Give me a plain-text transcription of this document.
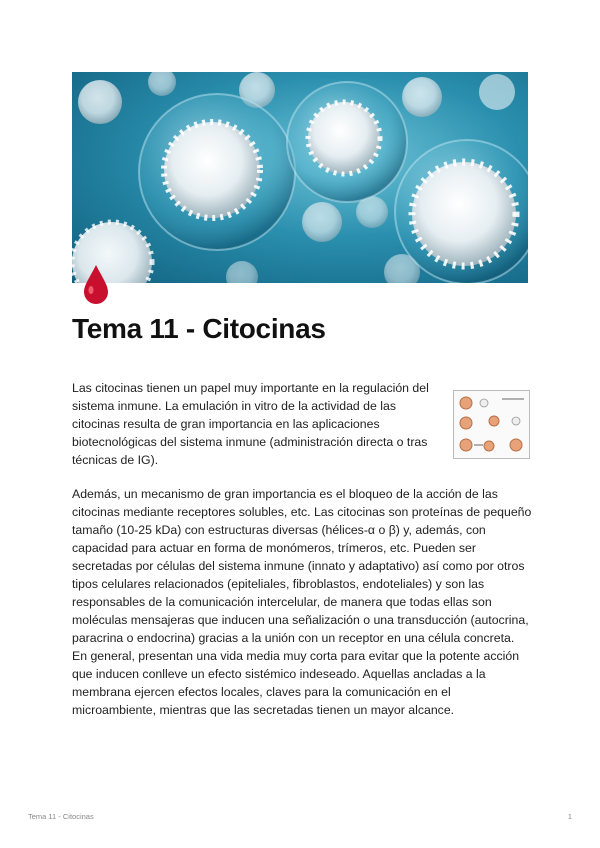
Tema 11 - Citocinas

Las citocinas tienen un papel muy importante en la regulación del sistema inmune. La emulación in vitro de la actividad de las citocinas resulta de gran importancia en las aplicaciones biotecnológicas del sistema inmune (administración directa o tras técnicas de IG).

Además, un mecanismo de gran importancia es el bloqueo de la acción de las citocinas mediante receptores solubles, etc. Las citocinas son proteínas de pequeño tamaño (10-25 kDa) con estructuras diversas (hélices-α o β) y, además, con capacidad para actuar en forma de monómeros, trímeros, etc. Pueden ser secretadas por células del sistema inmune (innato y adaptativo) así como por otros tipos celulares relacionados (epiteliales, fibroblastos, endoteliales) y son las responsables de la comunicación intercelular, de manera que todas ellas son moléculas mensajeras que inducen una señalización o una transducción (autocrina, paracrina o endocrina) gracias a la unión con un receptor en una célula concreta. En general, presentan una vida media muy corta para evitar que la potente acción que inducen conlleve un efecto sistémico indeseado. Aquellas ancladas a la membrana ejercen efectos locales, claves para la comunicación en el microambiente, mientras que las secretadas tienen un mayor alcance.

Tema 11 - Citocinas	1
